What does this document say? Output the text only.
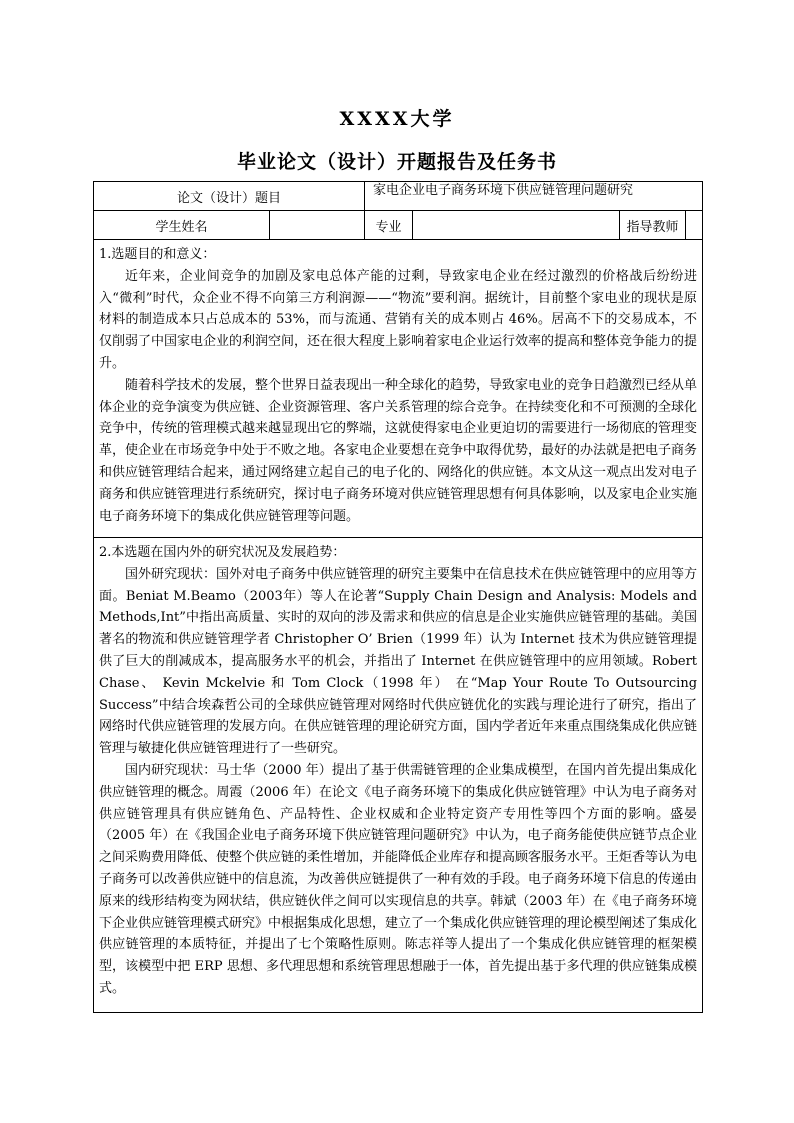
XXXX大学
毕业论文（设计）开题报告及任务书
论文（设计）题目		家电企业电子商务环境下供应链管理问题研究			
学生姓名		专业		指导教师	

1.选题目的和意义：

近年来，企业间竞争的加剧及家电总体产能的过剩，导致家电企业在经过激烈的价格战后纷纷进入“微利”时代，众企业不得不向第三方利润源——“物流”要利润。据统计，目前整个家电业的现状是原材料的制造成本只占总成本的 53%，而与流通、营销有关的成本则占 46%。居高不下的交易成本，不仅削弱了中国家电企业的利润空间，还在很大程度上影响着家电企业运行效率的提高和整体竞争能力的提升。

随着科学技术的发展，整个世界日益表现出一种全球化的趋势，导致家电业的竞争日趋激烈已经从单体企业的竞争演变为供应链、企业资源管理、客户关系管理的综合竞争。在持续变化和不可预测的全球化竞争中，传统的管理模式越来越显现出它的弊端，这就使得家电企业更迫切的需要进行一场彻底的管理变革，使企业在市场竞争中处于不败之地。各家电企业要想在竞争中取得优势，最好的办法就是把电子商务和供应链管理结合起来，通过网络建立起自己的电子化的、网络化的供应链。本文从这一观点出发对电子商务和供应链管理进行系统研究，探讨电子商务环境对供应链管理思想有何具体影响，以及家电企业实施电子商务环境下的集成化供应链管理等问题。					

2.本选题在国内外的研究状况及发展趋势：

国外研究现状：国外对电子商务中供应链管理的研究主要集中在信息技术在供应链管理中的应用等方面。Beniat M.Beamo（2003年）等人在论著“Supply Chain Design and Analysis: Models and Methods,Int”中指出高质量、实时的双向的涉及需求和供应的信息是企业实施供应链管理的基础。美国著名的物流和供应链管理学者 Christopher O’ Brien（1999 年）认为 Internet 技术为供应链管理提供了巨大的削减成本，提高服务水平的机会，并指出了 Internet 在供应链管理中的应用领域。Robert Chase、 Kevin Mckelvie 和 Tom Clock（1998 年） 在“Map Your Route To Outsourcing Success”中结合埃森哲公司的全球供应链管理对网络时代供应链优化的实践与理论进行了研究，指出了网络时代供应链管理的发展方向。在供应链管理的理论研究方面，国内学者近年来重点围绕集成化供应链管理与敏捷化供应链管理进行了一些研究。

国内研究现状：马士华（2000 年）提出了基于供需链管理的企业集成模型，在国内首先提出集成化供应链管理的概念。周霞（2006 年）在论文《电子商务环境下的集成化供应链管理》中认为电子商务对供应链管理具有供应链角色、产品特性、企业权威和企业特定资产专用性等四个方面的影响。盛晏（2005 年）在《我国企业电子商务环境下供应链管理问题研究》中认为，电子商务能使供应链节点企业之间采购费用降低、使整个供应链的柔性增加，并能降低企业库存和提高顾客服务水平。王炬香等认为电子商务可以改善供应链中的信息流，为改善供应链提供了一种有效的手段。电子商务环境下信息的传递由原来的线形结构变为网状结，供应链伙伴之间可以实现信息的共享。韩斌（2003 年）在《电子商务环境下企业供应链管理模式研究》中根据集成化思想，建立了一个集成化供应链管理的理论模型阐述了集成化供应链管理的本质特征，并提出了七个策略性原则。陈志祥等人提出了一个集成化供应链管理的框架模型，该模型中把 ERP 思想、多代理思想和系统管理思想融于一体，首先提出基于多代理的供应链集成模式。					
